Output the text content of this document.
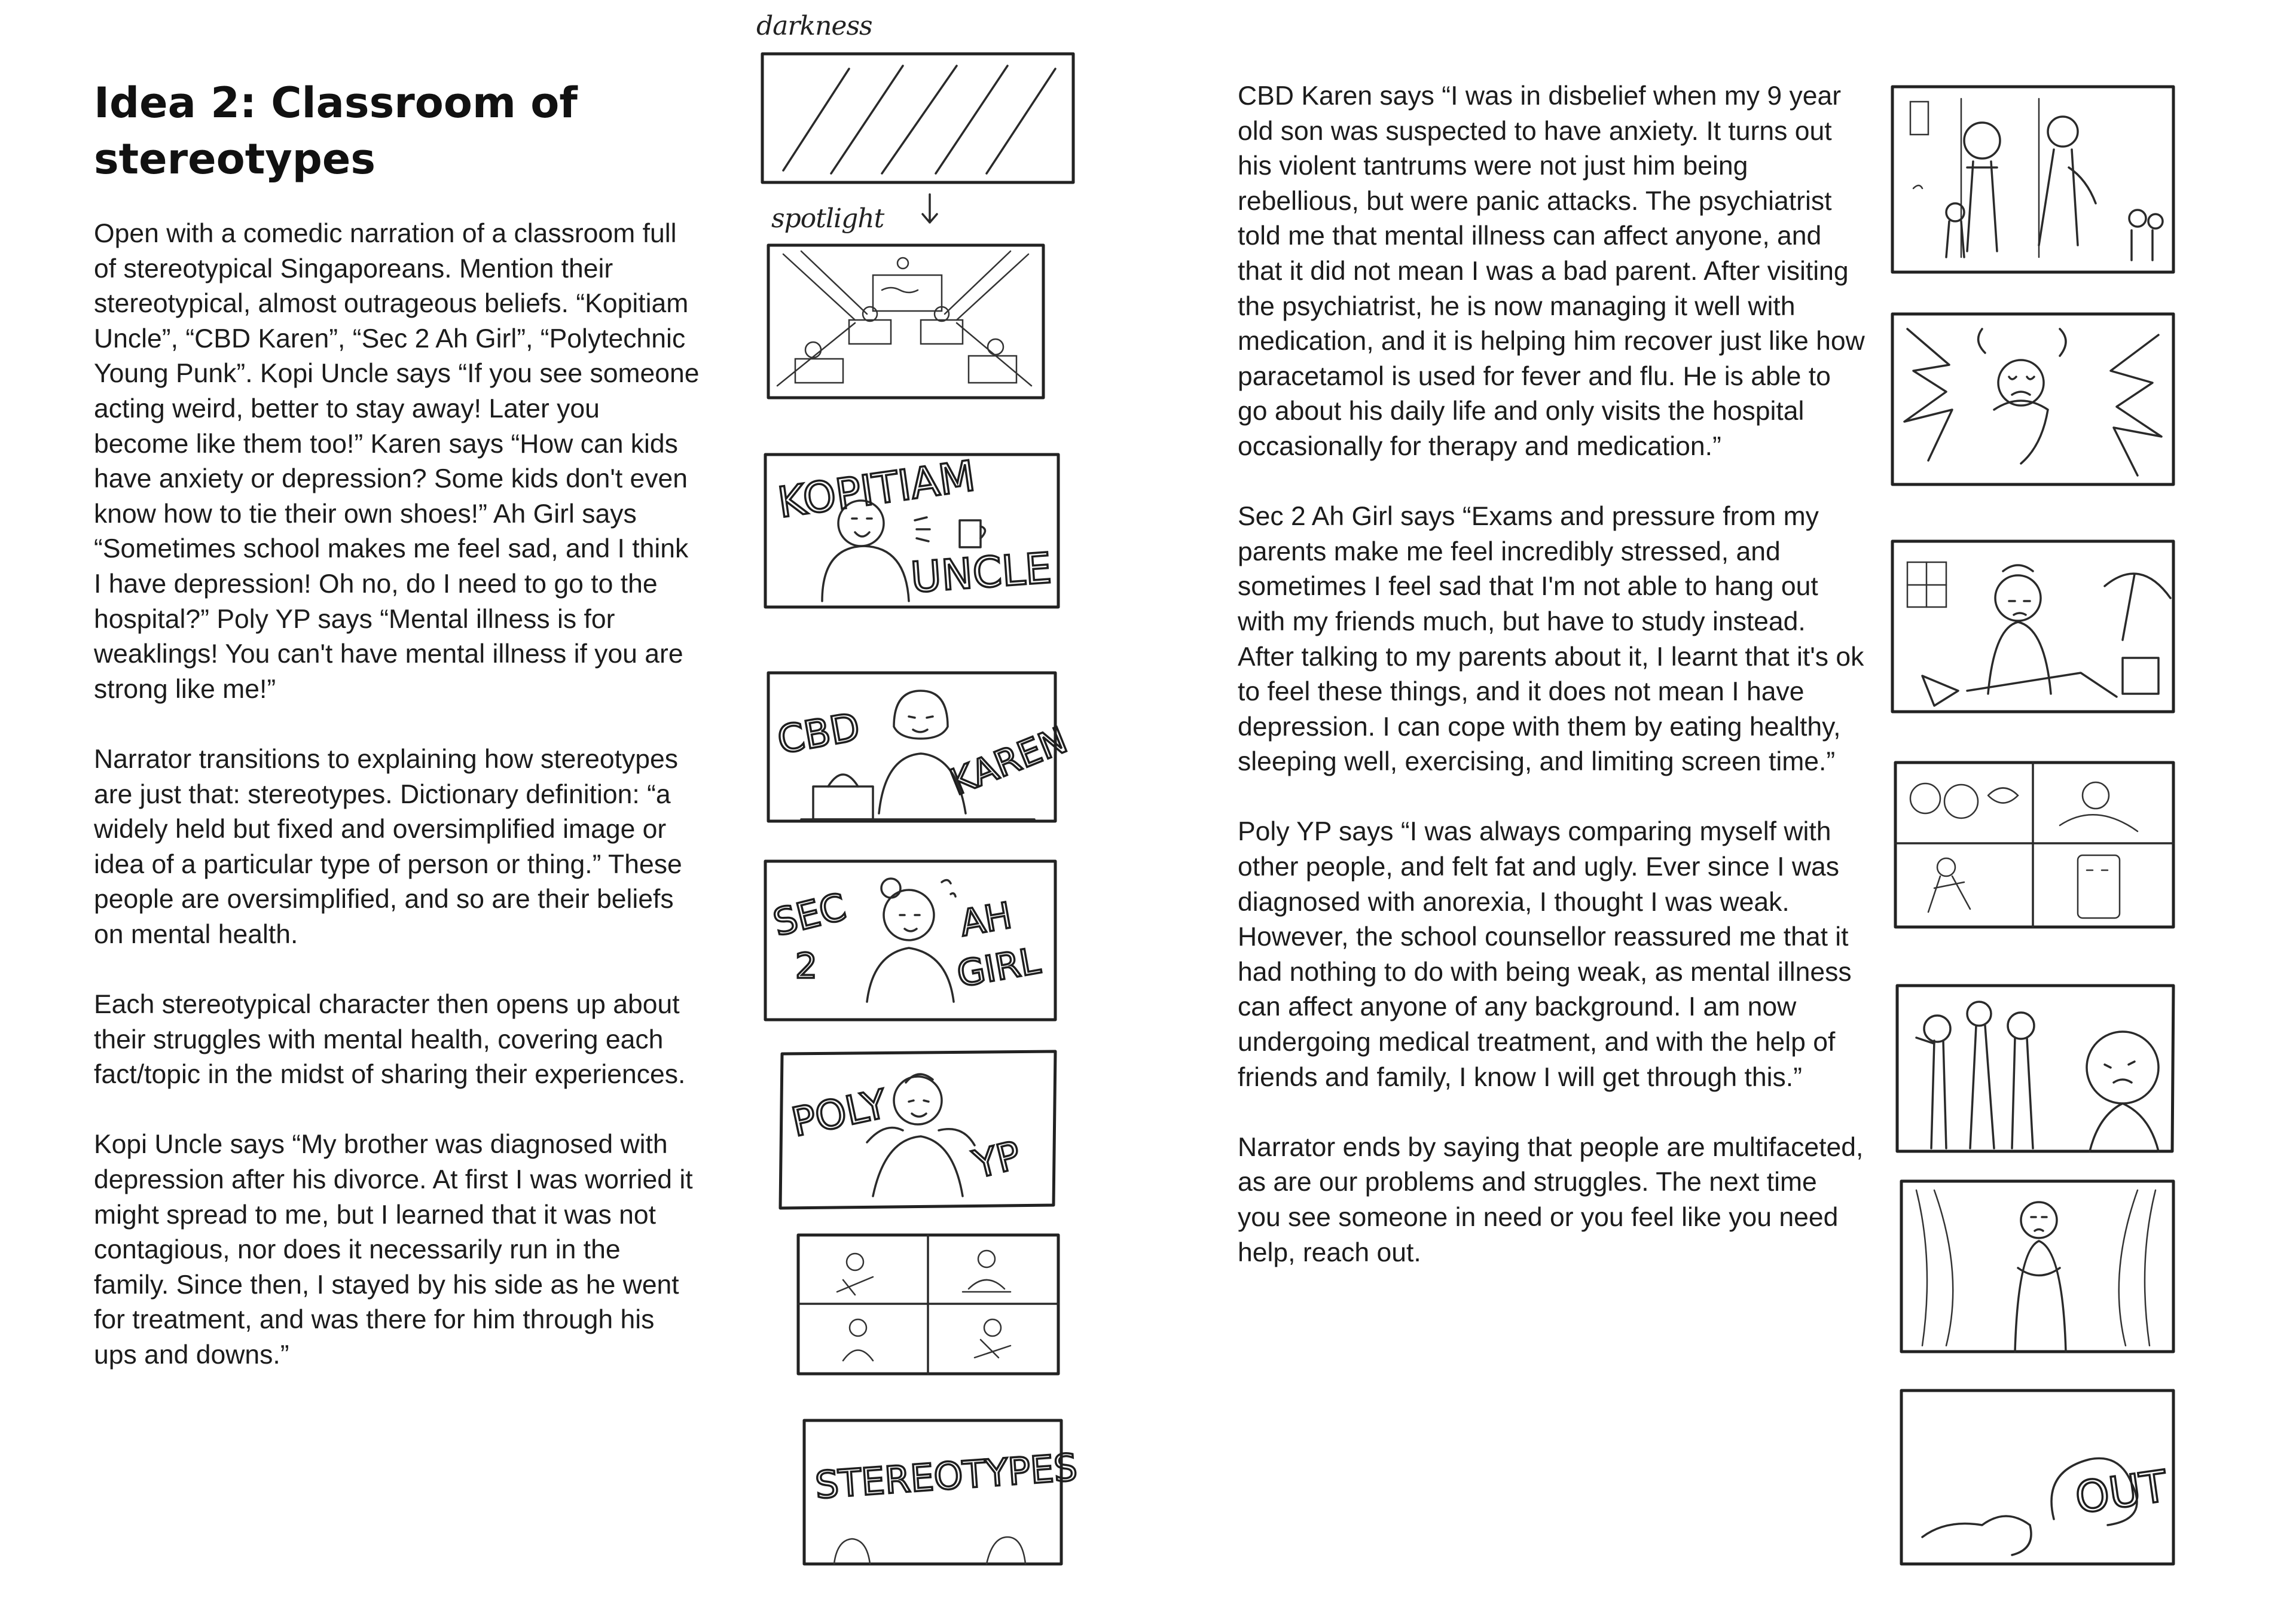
Idea 2: Classroom of stereotypes

Open with a comedic narration of a classroom full of stereotypical Singaporeans. Mention their stereotypical, almost outrageous beliefs. “Kopitiam Uncle”, “CBD Karen”, “Sec 2 Ah Girl”, “Polytechnic Young Punk”. Kopi Uncle says “If you see someone acting weird, better to stay away! Later you become like them too!” Karen says “How can kids have anxiety or depression? Some kids don't even know how to tie their own shoes!” Ah Girl says “Sometimes school makes me feel sad, and I think I have depression! Oh no, do I need to go to the hospital?” Poly YP says “Mental illness is for weaklings! You can't have mental illness if you are strong like me!”

Narrator transitions to explaining how stereotypes are just that: stereotypes. Dictionary definition: “a widely held but fixed and oversimplified image or idea of a particular type of person or thing.” These people are oversimplified, and so are their beliefs on mental health.

Each stereotypical character then opens up about their struggles with mental health, covering each fact/topic in the midst of sharing their experiences.

Kopi Uncle says “My brother was diagnosed with depression after his divorce. At first I was worried it might spread to me, but I learned that it was not contagious, nor does it necessarily run in the family. Since then, I stayed by his side as he went for treatment, and was there for him through his ups and downs.”

CBD Karen says “I was in disbelief when my 9 year old son was suspected to have anxiety. It turns out his violent tantrums were not just him being rebellious, but were panic attacks. The psychiatrist told me that mental illness can affect anyone, and that it did not mean I was a bad parent. After visiting the psychiatrist, he is now managing it well with medication, and it is helping him recover just like how paracetamol is used for fever and flu. He is able to go about his daily life and only visits the hospital occasionally for therapy and medication.”

Sec 2 Ah Girl says “Exams and pressure from my parents make me feel incredibly stressed, and sometimes I feel sad that I'm not able to hang out with my friends much, but have to study instead. After talking to my parents about it, I learnt that it's ok to feel these things, and it does not mean I have depression. I can cope with them by eating healthy, sleeping well, exercising, and limiting screen time.”

Poly YP says “I was always comparing myself with other people, and felt fat and ugly. Ever since I was diagnosed with anorexia, I thought I was weak. However, the school counsellor reassured me that it had nothing to do with being weak, as mental illness can affect anyone of any background. I am now undergoing medical treatment, and with the help of friends and family, I know I will get through this.”

Narrator ends by saying that people are multifaceted, as are our problems and struggles. The next time you see someone in need or you feel like you need help, reach out.

darkness
spotlight
KOPITIAM
UNCLE
CBD KAREN
SEC
2
AH
GIRL
POLY
YP
STEREOTYPES	OUT
